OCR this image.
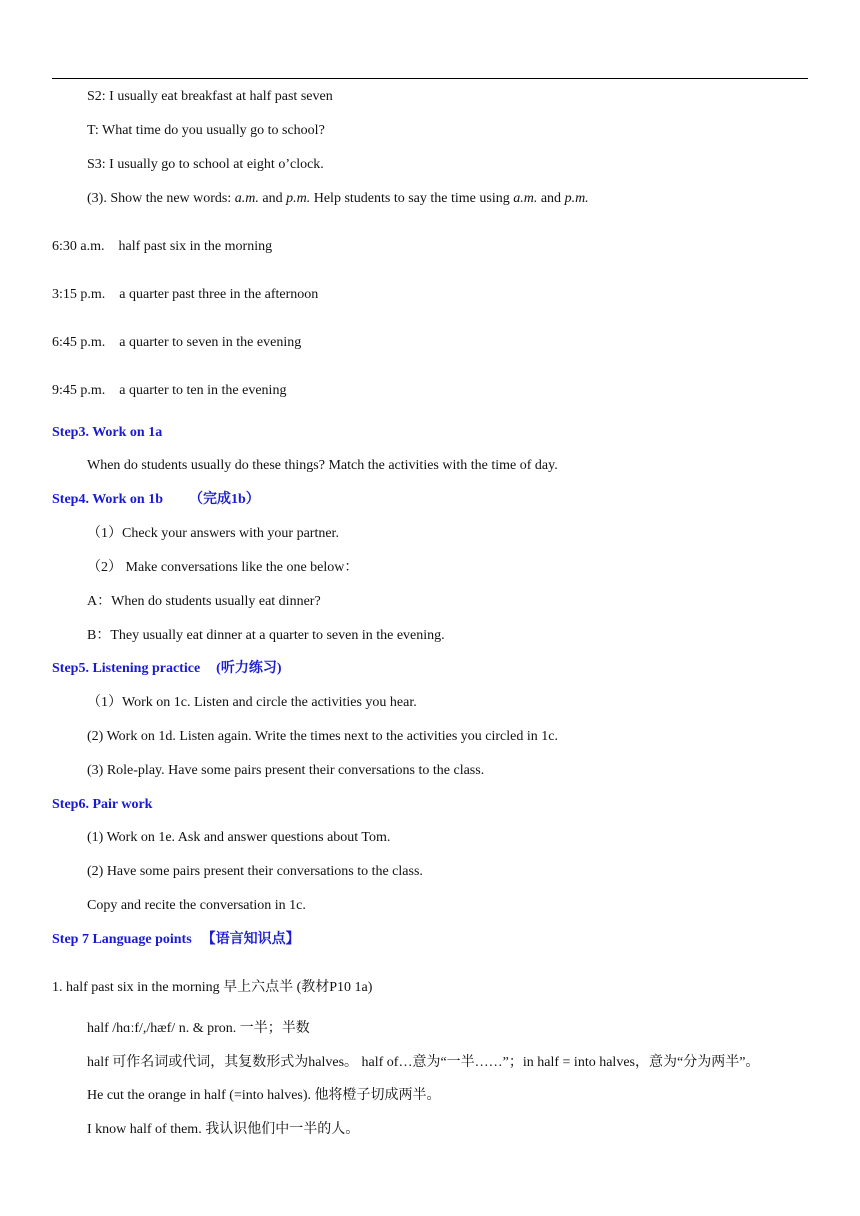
S2: I usually eat breakfast at half past seven
T: What time do you usually go to school?
S3: I usually go to school at eight o’clock.
(3). Show the new words: a.m. and p.m. Help students to say the time using a.m. and p.m.
6:30 a.m. half past six in the morning
3:15 p.m. a quarter past three in the afternoon
6:45 p.m. a quarter to seven in the evening
9:45 p.m. a quarter to ten in the evening
Step3. Work on 1a
When do students usually do these things? Match the activities with the time of day.
Step4. Work on 1b （完成1b）
（1）Check your answers with your partner.
（2） Make conversations like the one below：
A：When do students usually eat dinner?
B：They usually eat dinner at a quarter to seven in the evening.
Step5. Listening practice (听力练习)
（1）Work on 1c. Listen and circle the activities you hear.
(2) Work on 1d. Listen again. Write the times next to the activities you circled in 1c.
(3) Role-play. Have some pairs present their conversations to the class.
Step6. Pair work
(1) Work on 1e. Ask and answer questions about Tom.
(2) Have some pairs present their conversations to the class.
Copy and recite the conversation in 1c.
Step 7 Language points 【语言知识点】
1. half past six in the morning 早上六点半 (教材P10 1a)
half /hɑːf/,/hæf/ n. & pron. 一半；半数
half 可作名词或代词，其复数形式为halves。 half of…意为“一半……”；in half = into halves，意为“分为两半”。
He cut the orange in half (=into halves). 他将橙子切成两半。
I know half of them. 我认识他们中一半的人。
